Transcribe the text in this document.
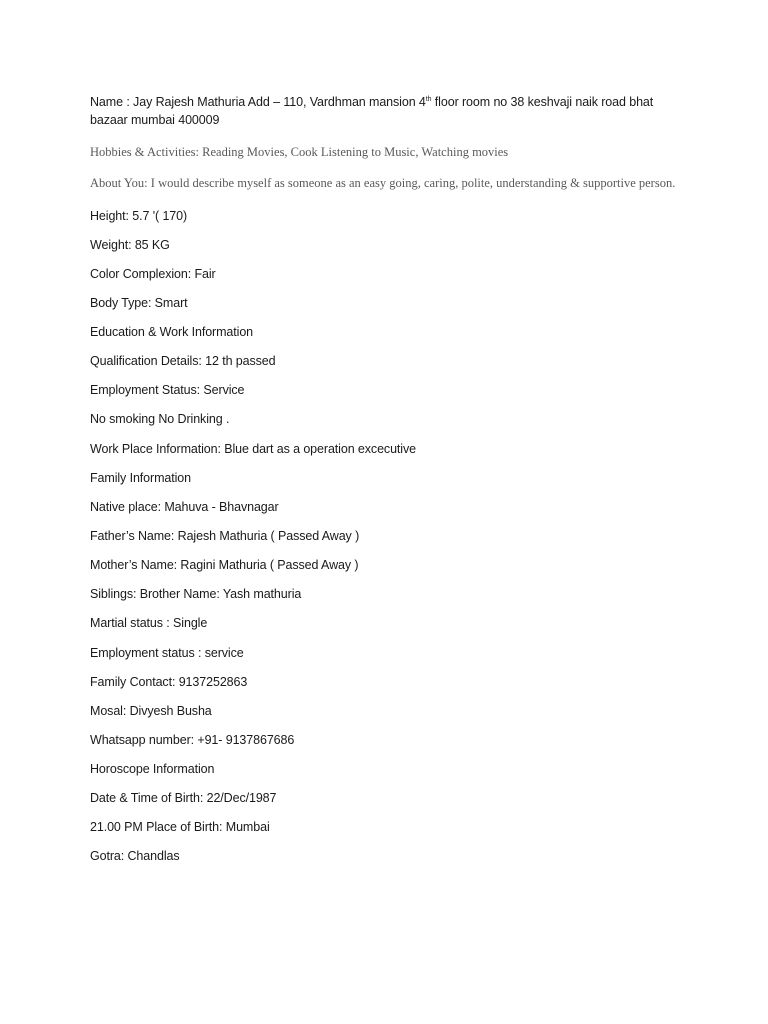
Name : Jay Rajesh Mathuria Add – 110, Vardhman mansion 4th floor room no 38 keshvaji naik road bhat bazaar mumbai 400009

Hobbies & Activities: Reading Movies, Cook Listening to Music, Watching movies

About You: I would describe myself as someone as an easy going, caring, polite, understanding & supportive person.

Height: 5.7 '( 170)

Weight: 85 KG

Color Complexion: Fair

Body Type: Smart

Education & Work Information

Qualification Details: 12 th passed

Employment Status: Service

No smoking No Drinking .

Work Place Information: Blue dart as a operation excecutive

Family Information

Native place: Mahuva - Bhavnagar

Father’s Name: Rajesh Mathuria ( Passed Away )

Mother’s Name: Ragini Mathuria ( Passed Away )

Siblings: Brother Name: Yash mathuria

Martial status : Single

Employment status : service

Family Contact: 9137252863

Mosal: Divyesh Busha

Whatsapp number: +91- 9137867686

Horoscope Information

Date & Time of Birth: 22/Dec/1987

21.00 PM Place of Birth: Mumbai

Gotra: Chandlas
